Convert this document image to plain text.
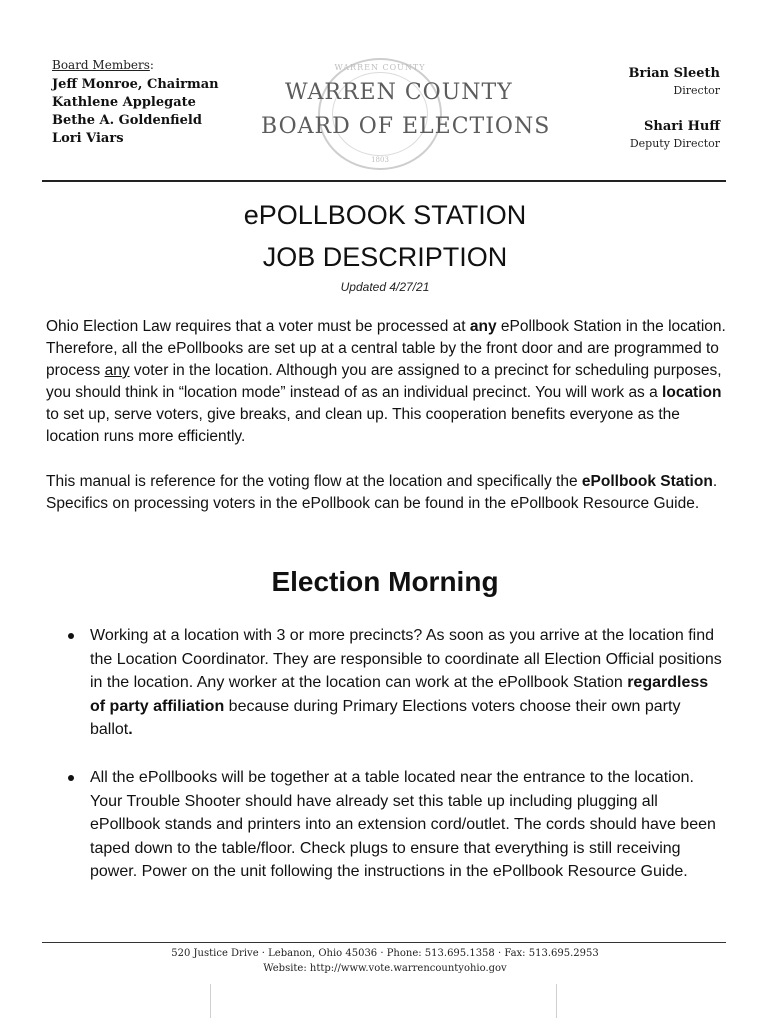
Board Members:
Jeff Monroe, Chairman
Kathlene Applegate
Bethe A. Goldenfield
Lori Viars
WARREN COUNTY
1803
WARREN COUNTY
BOARD OF ELECTIONS
Brian Sleeth
Director
Shari Huff
Deputy Director
ePOLLBOOK STATION
JOB DESCRIPTION
Updated 4/27/21

Ohio Election Law requires that a voter must be processed at any ePollbook Station in the location. Therefore, all the ePollbooks are set up at a central table by the front door and are programmed to process any voter in the location. Although you are assigned to a precinct for scheduling purposes, you should think in “location mode” instead of as an individual precinct. You will work as a location to set up, serve voters, give breaks, and clean up. This cooperation benefits everyone as the location runs more efficiently.

This manual is reference for the voting flow at the location and specifically the ePollbook Station. Specifics on processing voters in the ePollbook can be found in the ePollbook Resource Guide.

Election Morning
Working at a location with 3 or more precincts? As soon as you arrive at the location find the Location Coordinator. They are responsible to coordinate all Election Official positions in the location. Any worker at the location can work at the ePollbook Station regardless of party affiliation because during Primary Elections voters choose their own party ballot.
All the ePollbooks will be together at a table located near the entrance to the location. Your Trouble Shooter should have already set this table up including plugging all ePollbook stands and printers into an extension cord/outlet. The cords should have been taped down to the table/floor. Check plugs to ensure that everything is still receiving power. Power on the unit following the instructions in the ePollbook Resource Guide.
520 Justice Drive · Lebanon, Ohio 45036 · Phone: 513.695.1358 · Fax: 513.695.2953
Website: http://www.vote.warrencountyohio.gov
